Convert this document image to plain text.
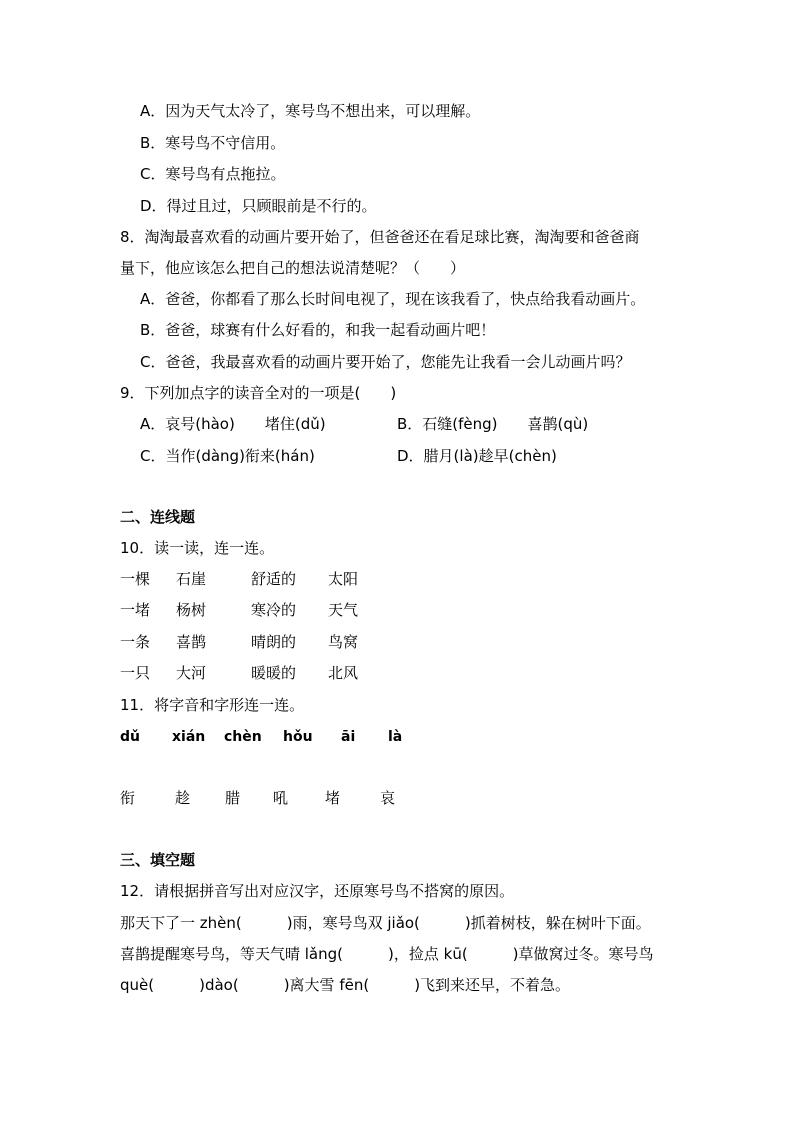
A．因为天气太冷了，寒号鸟不想出来，可以理解。
B．寒号鸟不守信用。
C．寒号鸟有点拖拉。
D．得过且过，只顾眼前是不行的。
8．淘淘最喜欢看的动画片要开始了，但爸爸还在看足球比赛，淘淘要和爸爸商
量下，他应该怎么把自己的想法说清楚呢？（　　）
A．爸爸，你都看了那么长时间电视了，现在该我看了，快点给我看动画片。
B．爸爸，球赛有什么好看的，和我一起看动画片吧！
C．爸爸，我最喜欢看的动画片要开始了，您能先让我看一会儿动画片吗？
9．下列加点字的读音全对的一项是(　　)
A．哀号(hào)　　堵住(dǔ)	B．石缝(fèng)　　喜鹊(qù)
C．当作(dàng)衔来(hán)	D．腊月(là)趁早(chèn)
二、连线题
10．读一读，连一连。
一棵 石崖	舒适的 太阳
一堵 杨树	寒冷的 天气
一条 喜鹊	晴朗的 鸟窝
一只 大河	暖暖的 北风
11．将字音和字形连一连。
dǔ xián chèn hǒu āi là
衔	趁 腊 吼 堵	哀
三、填空题
12．请根据拼音写出对应汉字，还原寒号鸟不搭窝的原因。
那天下了一 zhèn(　　　)雨，寒号鸟双 jiǎo(　　　)抓着树枝，躲在树叶下面。
喜鹊提醒寒号鸟，等天气晴 lǎng(　　　)，捡点 kū(　　　)草做窝过冬。寒号鸟
què(　　　)dào(　　　)离大雪 fēn(　　　)飞到来还早，不着急。
